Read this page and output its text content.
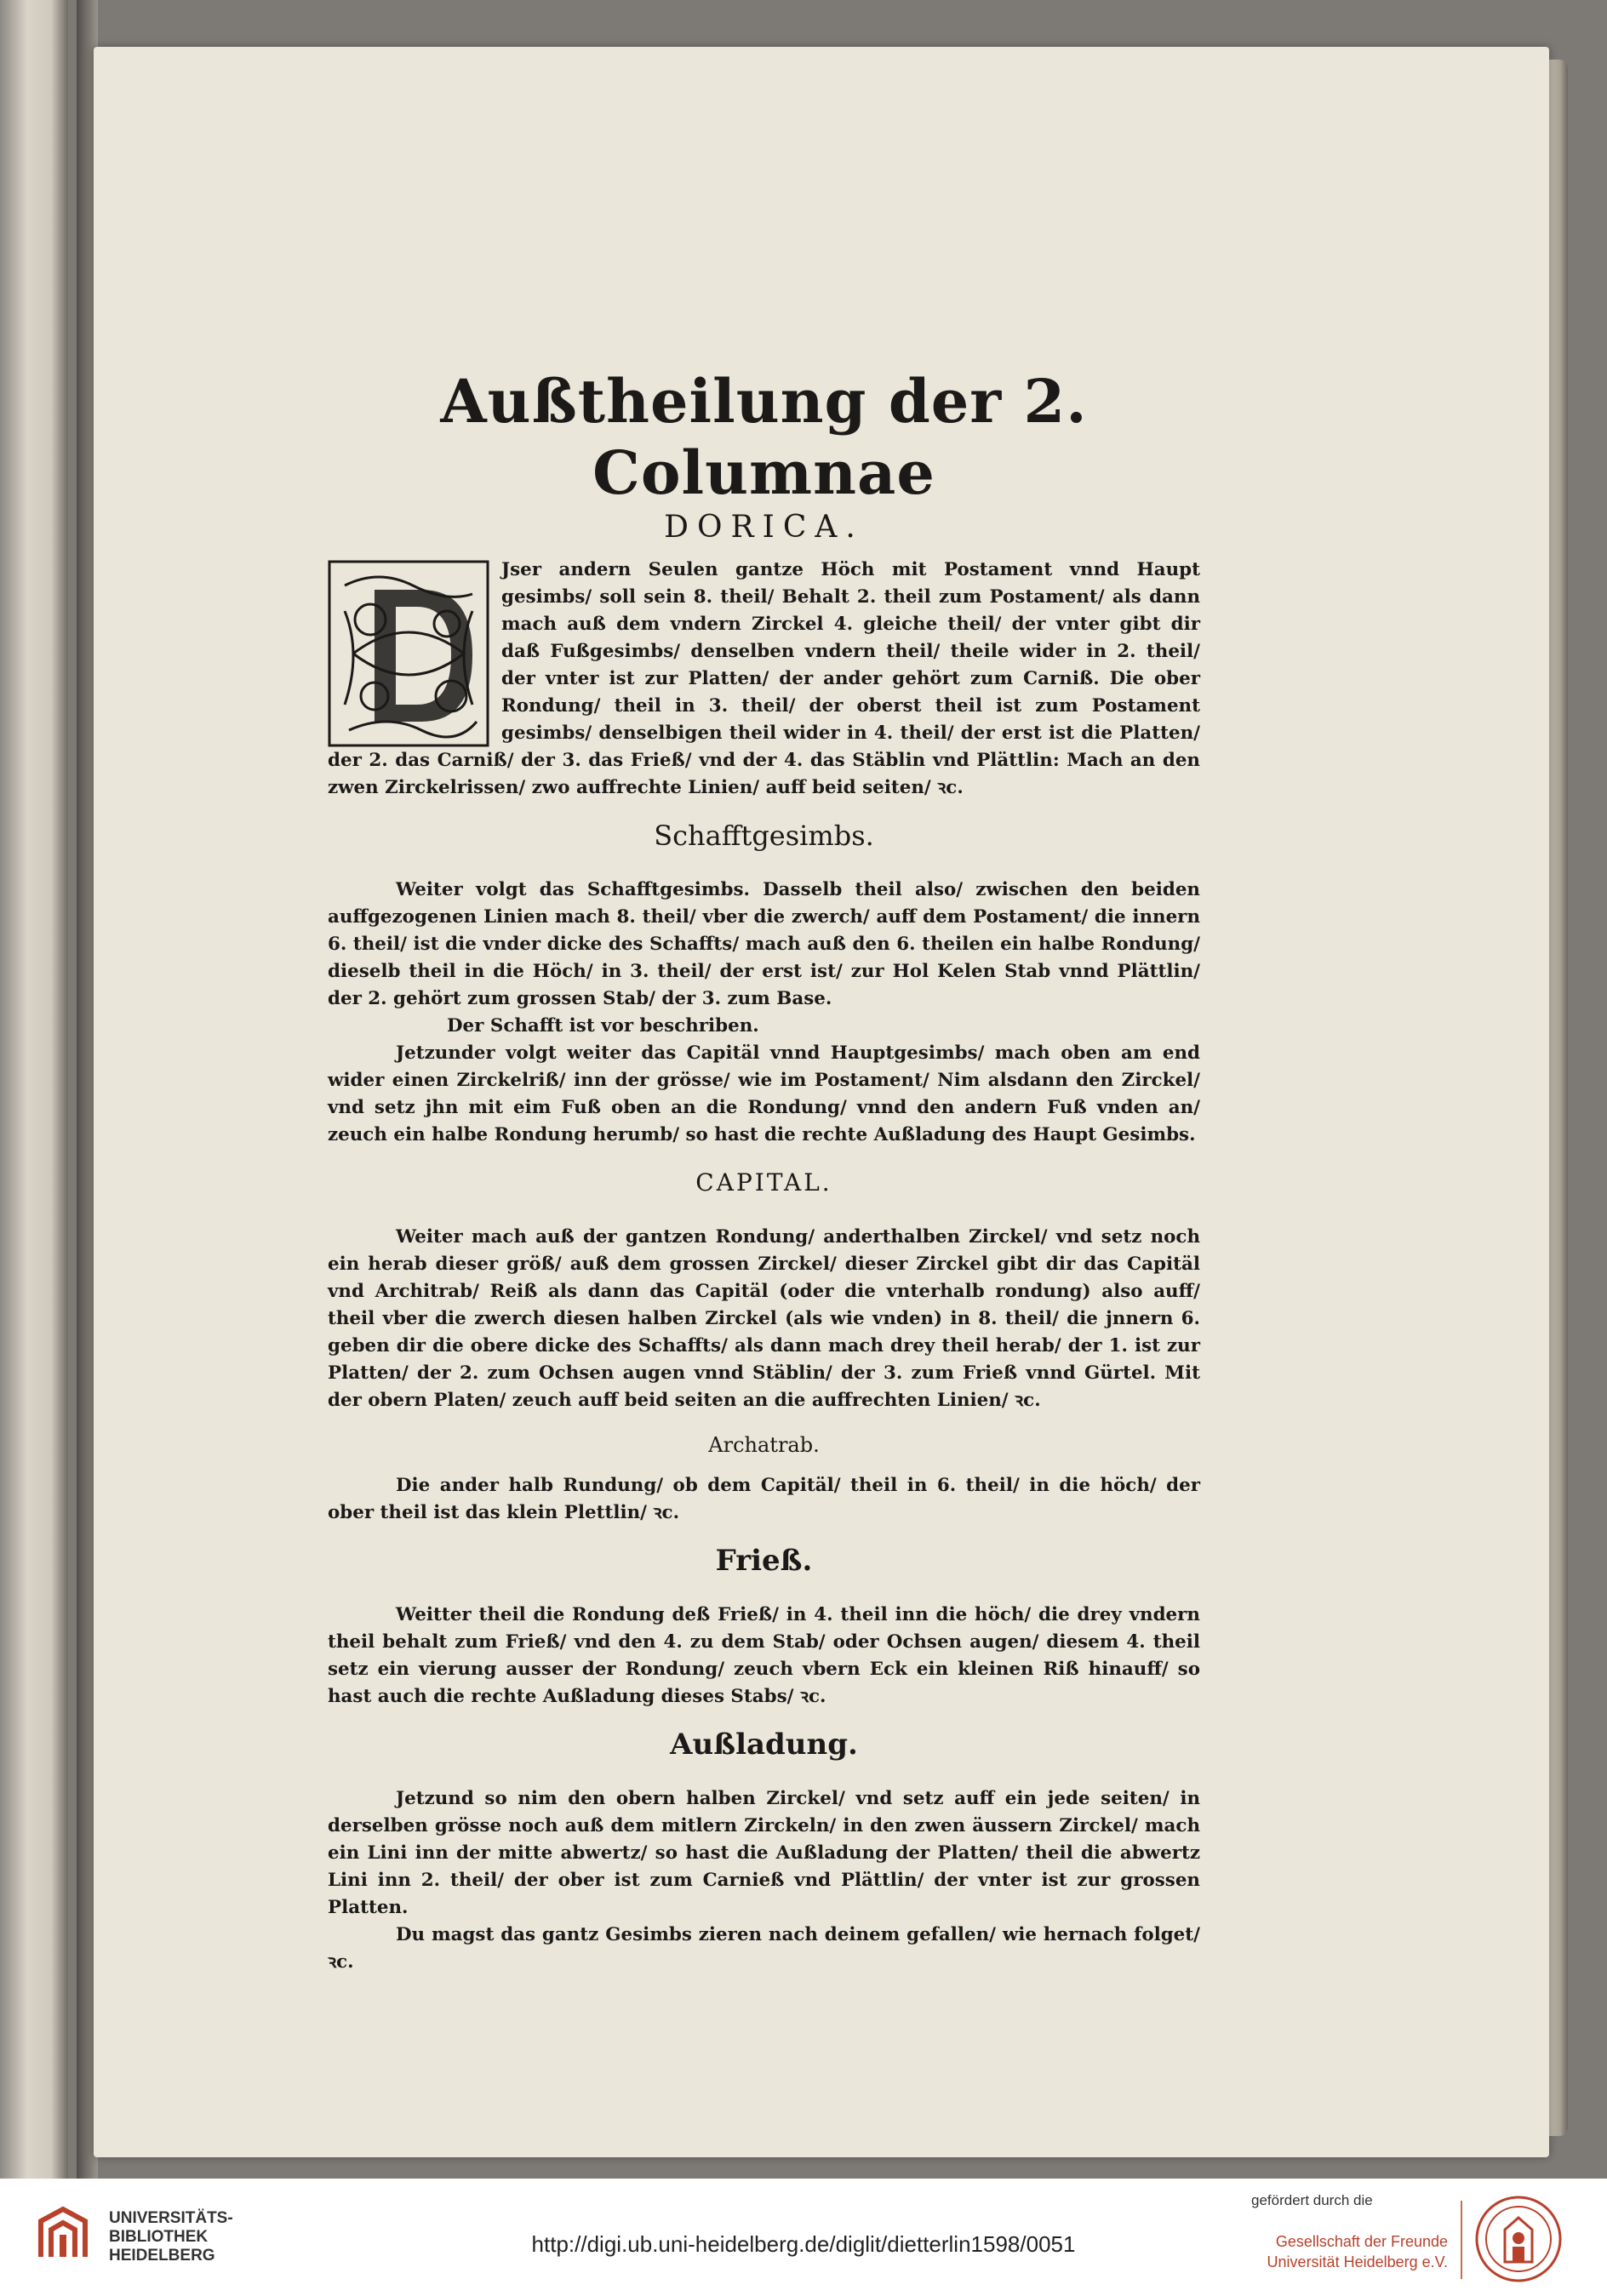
Außtheilung der 2. Columnae
DORICA.

Jser andern Seulen gantze Höch mit Postament vnnd Haupt gesimbs/ soll sein 8. theil/ Behalt 2. theil zum Postament/ als dann mach auß dem vndern Zirckel 4. gleiche theil/ der vnter gibt dir daß Fußgesimbs/ denselben vndern theil/ theile wider in 2. theil/ der vnter ist zur Platten/ der ander gehört zum Carniß. Die ober Rondung/ theil in 3. theil/ der oberst theil ist zum Postament gesimbs/ denselbigen theil wider in 4. theil/ der erst ist die Platten/ der 2. das Carniß/ der 3. das Frieß/ vnd der 4. das Stäblin vnd Plättlin: Mach an den zwen Zirckelrissen/ zwo auffrechte Linien/ auff beid seiten/ ꝛc.

Schafftgesimbs.

Weiter volgt das Schafftgesimbs. Dasselb theil also/ zwischen den beiden auffgezogenen Linien mach 8. theil/ vber die zwerch/ auff dem Postament/ die innern 6. theil/ ist die vnder dicke des Schaffts/ mach auß den 6. theilen ein halbe Rondung/ dieselb theil in die Höch/ in 3. theil/ der erst ist/ zur Hol Kelen Stab vnnd Plättlin/ der 2. gehört zum grossen Stab/ der 3. zum Base.

Der Schafft ist vor beschriben.

Jetzunder volgt weiter das Capitäl vnnd Hauptgesimbs/ mach oben am end wider einen Zirckelriß/ inn der grösse/ wie im Postament/ Nim alsdann den Zirckel/ vnd setz jhn mit eim Fuß oben an die Rondung/ vnnd den andern Fuß vnden an/ zeuch ein halbe Rondung herumb/ so hast die rechte Außladung des Haupt Gesimbs.

CAPITAL.

Weiter mach auß der gantzen Rondung/ anderthalben Zirckel/ vnd setz noch ein herab dieser größ/ auß dem grossen Zirckel/ dieser Zirckel gibt dir das Capitäl vnd Architrab/ Reiß als dann das Capitäl (oder die vnterhalb rondung) also auff/ theil vber die zwerch diesen halben Zirckel (als wie vnden) in 8. theil/ die jnnern 6. geben dir die obere dicke des Schaffts/ als dann mach drey theil herab/ der 1. ist zur Platten/ der 2. zum Ochsen augen vnnd Stäblin/ der 3. zum Frieß vnnd Gürtel. Mit der obern Platen/ zeuch auff beid seiten an die auffrechten Linien/ ꝛc.

Archatrab.

Die ander halb Rundung/ ob dem Capitäl/ theil in 6. theil/ in die höch/ der ober theil ist das klein Plettlin/ ꝛc.

Frieß.

Weitter theil die Rondung deß Frieß/ in 4. theil inn die höch/ die drey vndern theil behalt zum Frieß/ vnd den 4. zu dem Stab/ oder Ochsen augen/ diesem 4. theil setz ein vierung ausser der Rondung/ zeuch vbern Eck ein kleinen Riß hinauff/ so hast auch die rechte Außladung dieses Stabs/ ꝛc.

Außladung.

Jetzund so nim den obern halben Zirckel/ vnd setz auff ein jede seiten/ in derselben grösse noch auß dem mitlern Zirckeln/ in den zwen äussern Zirckel/ mach ein Lini inn der mitte abwertz/ so hast die Außladung der Platten/ theil die abwertz Lini inn 2. theil/ der ober ist zum Carnieß vnd Plättlin/ der vnter ist zur grossen Platten.

Du magst das gantz Gesimbs zieren nach deinem gefallen/ wie hernach folget/ ꝛc.

UNIVERSITÄTS-
BIBLIOTHEK
HEIDELBERG	http://digi.ub.uni-heidelberg.de/diglit/dietterlin1598/0051
gefördert durch die
Gesellschaft der Freunde
Universität Heidelberg e.V.
